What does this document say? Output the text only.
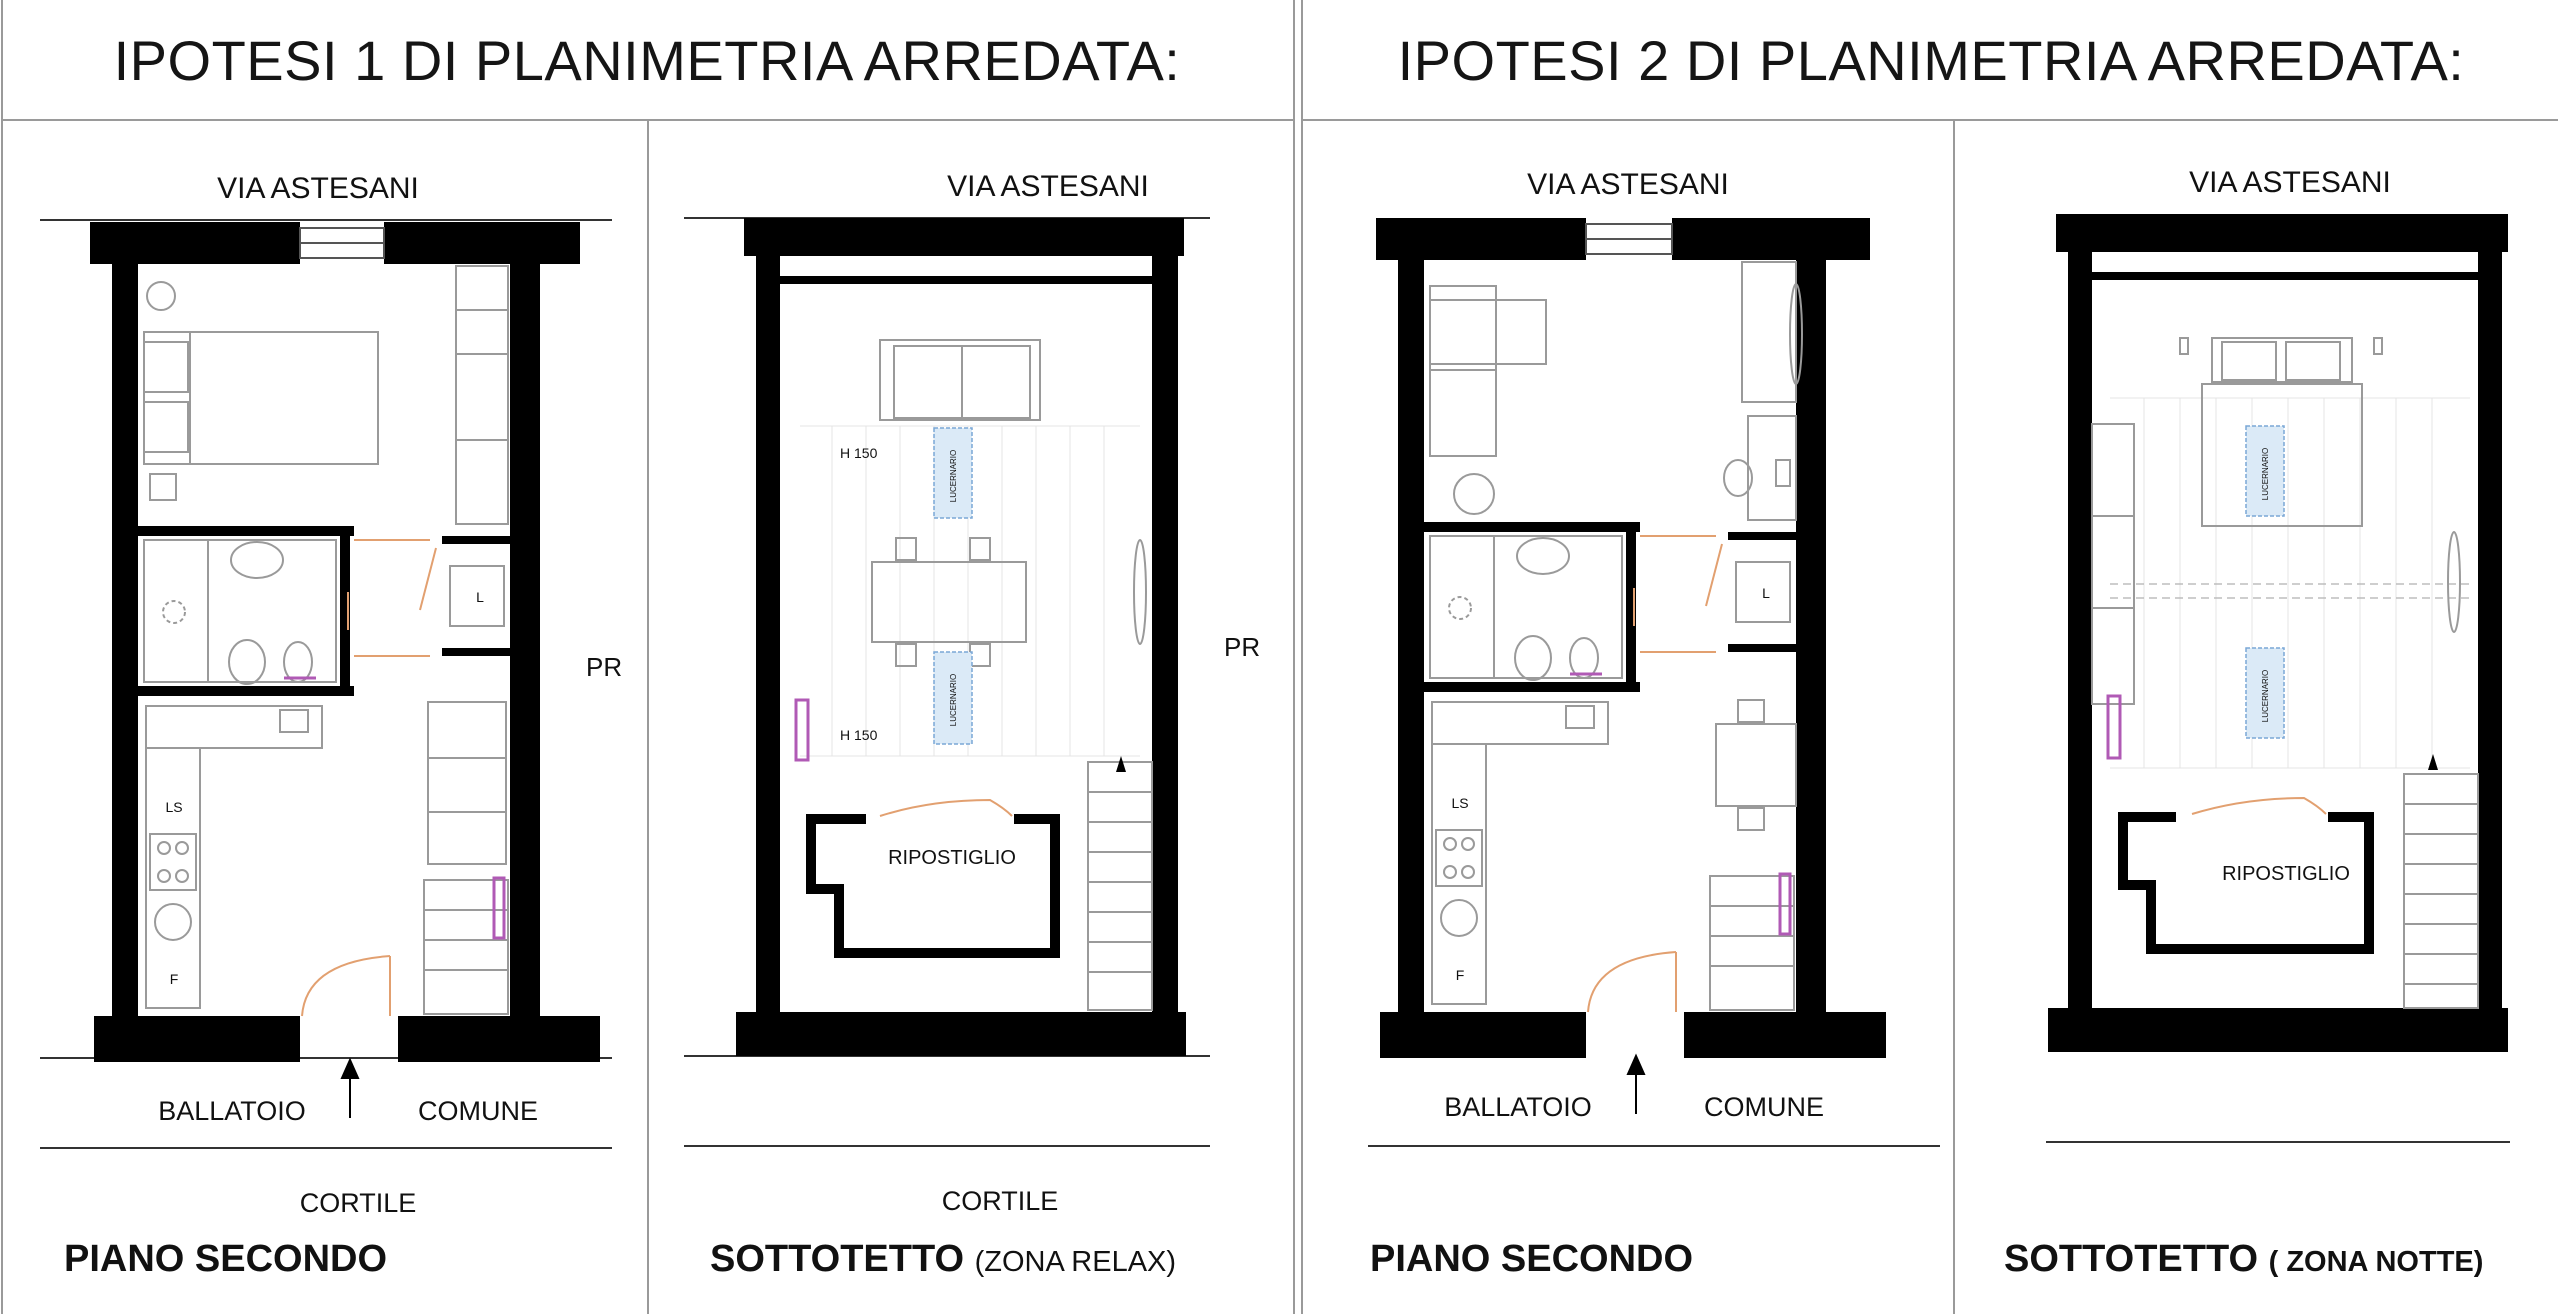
IPOTESI 1 DI PLANIMETRIA ARREDATA:	IPOTESI 2 DI PLANIMETRIA ARREDATA:
LS
F
L
VIA ASTESANI
PR
BALLATOIO	COMUNE
CORTILE
LUCERNARIO
LUCERNARIO
VIA ASTESANI
PR
H 150
H 150
RIPOSTIGLIO
CORTILE
LS
F
L
VIA ASTESANI
BALLATOIO	COMUNE
LUCERNARIO
LUCERNARIO
VIA ASTESANI
RIPOSTIGLIO
PIANO SECONDO	SOTTOTETTO (ZONA RELAX)	PIANO SECONDO	SOTTOTETTO ( ZONA NOTTE)
